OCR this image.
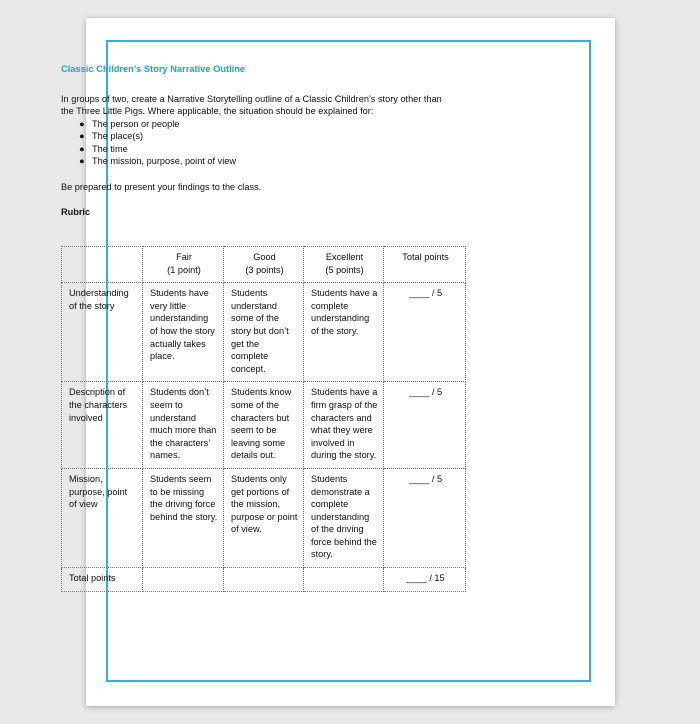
Classic Children’s Story Narrative Outline

In groups of two, create a Narrative Storytelling outline of a Classic Children’s story other than
the Three Little Pigs. Where applicable, the situation should be explained for:

● The person or people
● The place(s)
● The time
● The mission, purpose, point of view

Be prepared to present your findings to the class.

Rubric

	Fair
(1 point)	Good
(3 points)	Excellent
(5 points)	Total points
Understanding of the story	Students have very little understanding of how the story actually takes place.	Students understand some of the story but don’t get the complete concept.	Students have a complete understanding of the story.	____ / 5
Description of the characters involved	Students don’t seem to understand much more than the characters’ names.	Students know some of the characters but seem to be leaving some details out.	Students have a firm grasp of the characters and what they were involved in during the story.	____ / 5
Mission, purpose, point of view	Students seem to be missing the driving force behind the story.	Students only get portions of the mission, purpose or point of view.	Students demonstrate a complete understanding of the driving force behind the story.	____ / 5
Total points				____ / 15
